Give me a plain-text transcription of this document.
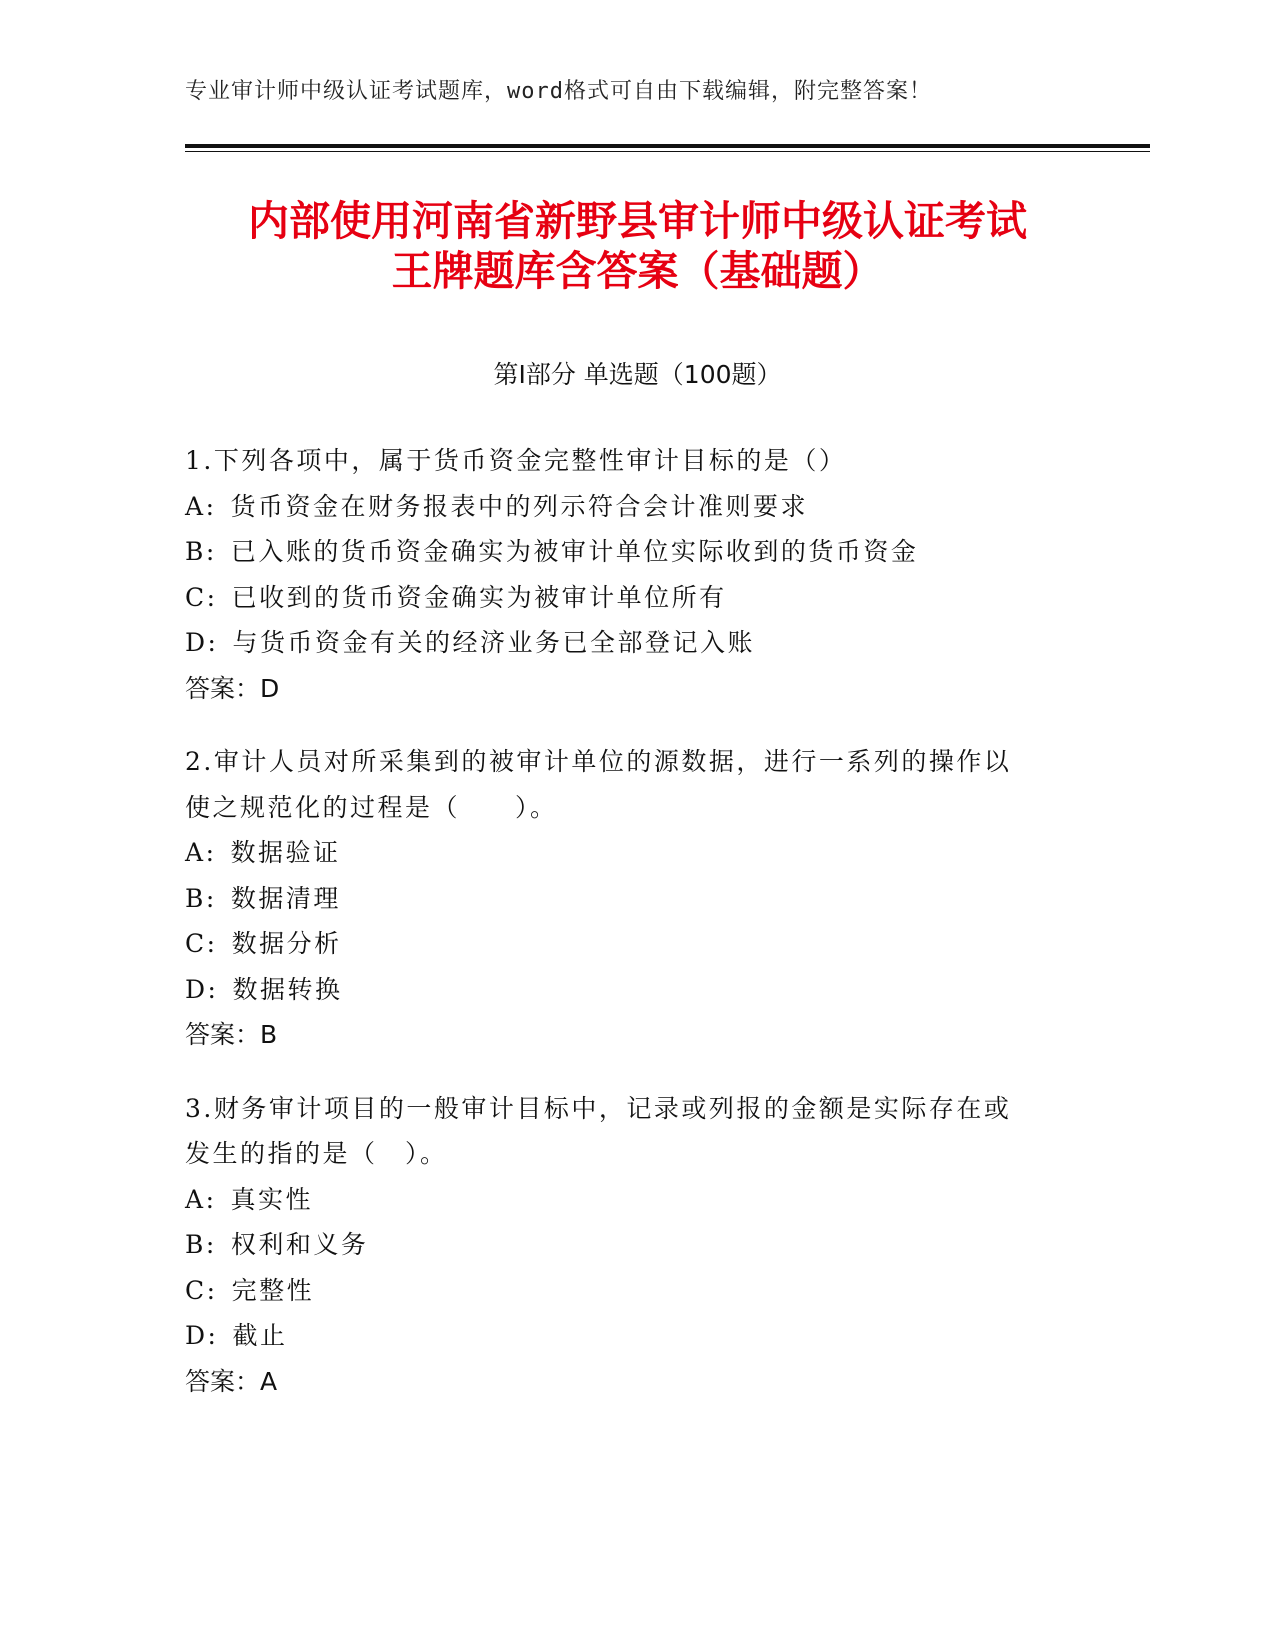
专业审计师中级认证考试题库，word格式可自由下载编辑，附完整答案！
内部使用河南省新野县审计师中级认证考试
王牌题库含答案（基础题）
第Ⅰ部分 单选题（100题）
1.下列各项中，属于货币资金完整性审计目标的是（）
A: 货币资金在财务报表中的列示符合会计准则要求
B: 已入账的货币资金确实为被审计单位实际收到的货币资金
C: 已收到的货币资金确实为被审计单位所有
D: 与货币资金有关的经济业务已全部登记入账
答案：D
2.审计人员对所采集到的被审计单位的源数据，进行一系列的操作以
使之规范化的过程是（　　）。
A: 数据验证
B: 数据清理
C: 数据分析
D: 数据转换
答案：B
3.财务审计项目的一般审计目标中，记录或列报的金额是实际存在或
发生的指的是（　）。
A: 真实性
B: 权利和义务
C: 完整性
D: 截止
答案：A
